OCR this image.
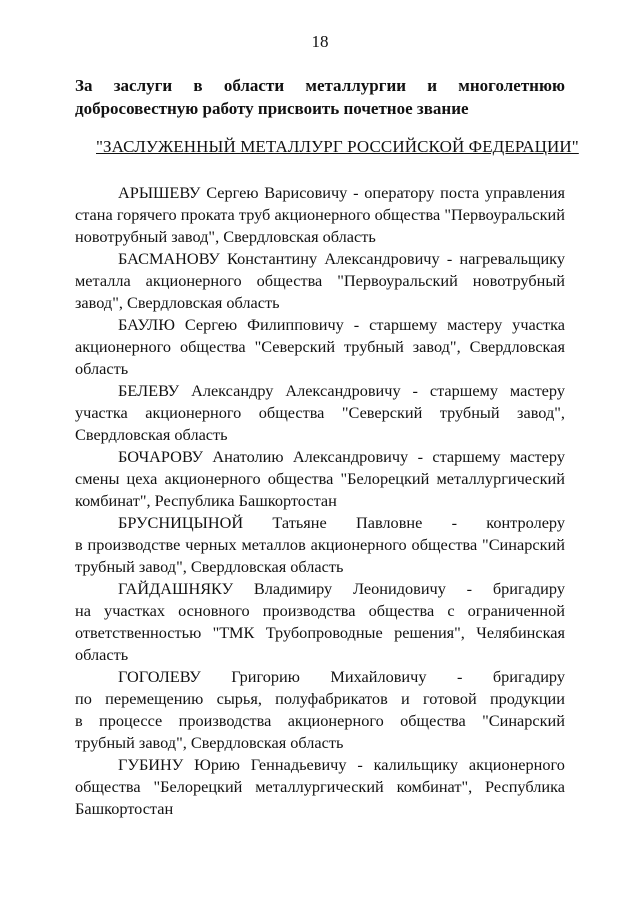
18
За заслуги в области металлургии и многолетнюю
добросовестную работу присвоить почетное звание
"ЗАСЛУЖЕННЫЙ МЕТАЛЛУРГ РОССИЙСКОЙ ФЕДЕРАЦИИ"
АРЫШЕВУ Сергею Варисовичу - оператору поста управления
стана горячего проката труб акционерного общества "Первоуральский
новотрубный завод", Свердловская область
БАСМАНОВУ Константину Александровичу - нагревальщику
металла акционерного общества "Первоуральский новотрубный
завод", Свердловская область
БАУЛЮ Сергею Филипповичу - старшему мастеру участка
акционерного общества "Северский трубный завод", Свердловская
область
БЕЛЕВУ Александру Александровичу - старшему мастеру
участка акционерного общества "Северский трубный завод",
Свердловская область
БОЧАРОВУ Анатолию Александровичу - старшему мастеру
смены цеха акционерного общества "Белорецкий металлургический
комбинат", Республика Башкортостан
БРУСНИЦЫНОЙ Татьяне Павловне - контролеру
в производстве черных металлов акционерного общества "Синарский
трубный завод", Свердловская область
ГАЙДАШНЯКУ Владимиру Леонидовичу - бригадиру
на участках основного производства общества с ограниченной
ответственностью "ТМК Трубопроводные решения", Челябинская
область
ГОГОЛЕВУ Григорию Михайловичу - бригадиру
по перемещению сырья, полуфабрикатов и готовой продукции
в процессе производства акционерного общества "Синарский
трубный завод", Свердловская область
ГУБИНУ Юрию Геннадьевичу - калильщику акционерного
общества "Белорецкий металлургический комбинат", Республика
Башкортостан
